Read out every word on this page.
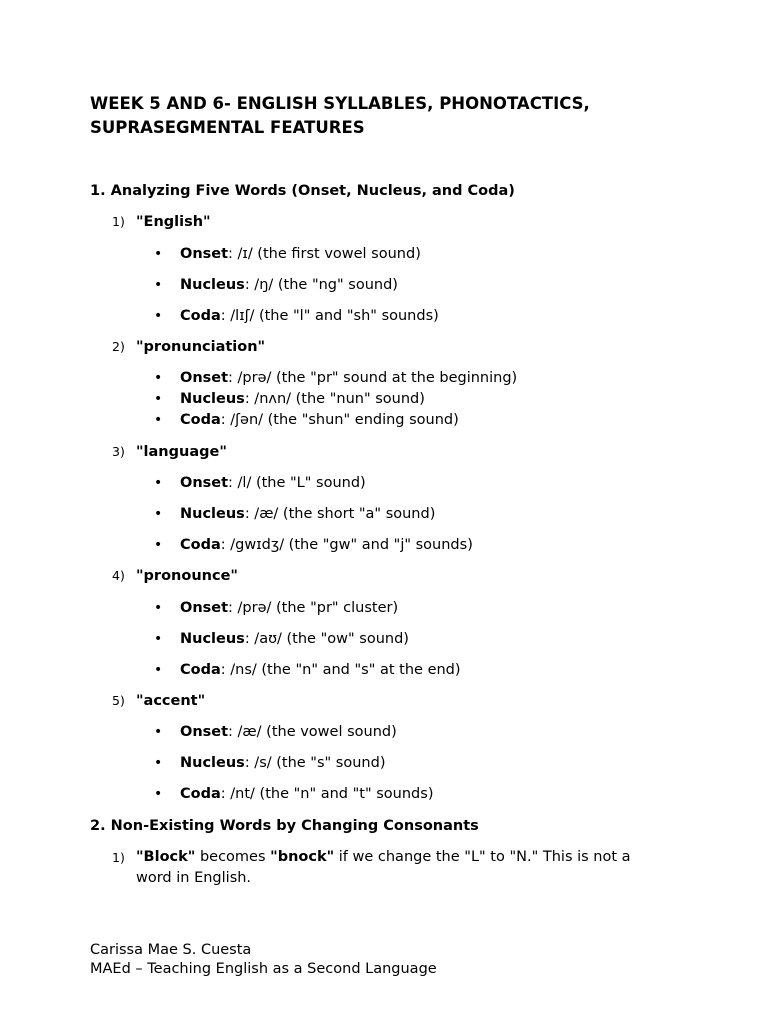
WEEK 5 AND 6- ENGLISH SYLLABLES, PHONOTACTICS,
SUPRASEGMENTAL FEATURES
1. Analyzing Five Words (Onset, Nucleus, and Coda)
1) "English"
• Onset: /ɪ/ (the first vowel sound)
• Nucleus: /ŋ/ (the "ng" sound)
• Coda: /lɪʃ/ (the "l" and "sh" sounds)
2) "pronunciation"
• Onset: /prə/ (the "pr" sound at the beginning)
• Nucleus: /nʌn/ (the "nun" sound)
• Coda: /ʃən/ (the "shun" ending sound)
3) "language"
• Onset: /l/ (the "L" sound)
• Nucleus: /æ/ (the short "a" sound)
• Coda: /gwɪdʒ/ (the "gw" and "j" sounds)
4) "pronounce"
• Onset: /prə/ (the "pr" cluster)
• Nucleus: /aʊ/ (the "ow" sound)
• Coda: /ns/ (the "n" and "s" at the end)
5) "accent"
• Onset: /æ/ (the vowel sound)
• Nucleus: /s/ (the "s" sound)
• Coda: /nt/ (the "n" and "t" sounds)
2. Non-Existing Words by Changing Consonants
1) "Block" becomes "bnock" if we change the "L" to "N." This is not a
word in English.
Carissa Mae S. Cuesta
MAEd – Teaching English as a Second Language
